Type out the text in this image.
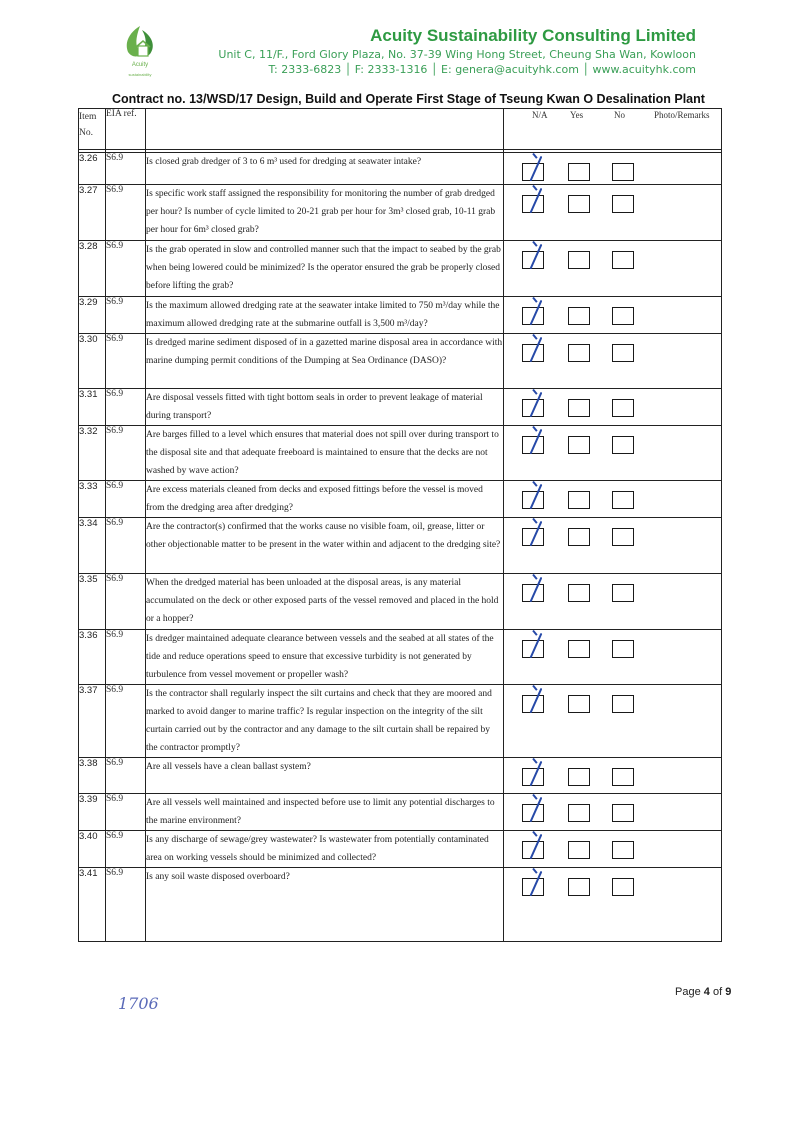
Acuity
sustainability
Acuity Sustainability Consulting Limited
Unit C, 11/F., Ford Glory Plaza, No. 37-39 Wing Hong Street, Cheung Sha Wan, Kowloon
T: 2333-6823 │ F: 2333-1316 │ E: genera@acuityhk.com │ www.acuityhk.com
Contract no. 13/WSD/17 Design, Build and Operate First Stage of Tseung Kwan O Desalination Plant
Item No.	EIA ref.		N/A Yes No Photo/Remarks

3.26	S6.9	Is closed grab dredger of 3 to 6 m³ used for dredging at seawater intake?	

3.27	S6.9	Is specific work staff assigned the responsibility for monitoring the number of grab dredged per hour? Is number of cycle limited to 20-21 grab per hour for 3m³ closed grab, 10-11 grab per hour for 6m³ closed grab?	

3.28	S6.9	Is the grab operated in slow and controlled manner such that the impact to seabed by the grab when being lowered could be minimized? Is the operator ensured the grab be properly closed before lifting the grab?	

3.29	S6.9	Is the maximum allowed dredging rate at the seawater intake limited to 750 m³/day while the maximum allowed dredging rate at the submarine outfall is 3,500 m³/day?	

3.30	S6.9	Is dredged marine sediment disposed of in a gazetted marine disposal area in accordance with marine dumping permit conditions of the Dumping at Sea Ordinance (DASO)?	

3.31	S6.9	Are disposal vessels fitted with tight bottom seals in order to prevent leakage of material during transport?	

3.32	S6.9	Are barges filled to a level which ensures that material does not spill over during transport to the disposal site and that adequate freeboard is maintained to ensure that the decks are not washed by wave action?	

3.33	S6.9	Are excess materials cleaned from decks and exposed fittings before the vessel is moved from the dredging area after dredging?	

3.34	S6.9	Are the contractor(s) confirmed that the works cause no visible foam, oil, grease, litter or other objectionable matter to be present in the water within and adjacent to the dredging site?	

3.35	S6.9	When the dredged material has been unloaded at the disposal areas, is any material accumulated on the deck or other exposed parts of the vessel removed and placed in the hold or a hopper?	

3.36	S6.9	Is dredger maintained adequate clearance between vessels and the seabed at all states of the tide and reduce operations speed to ensure that excessive turbidity is not generated by turbulence from vessel movement or propeller wash?	

3.37	S6.9	Is the contractor shall regularly inspect the silt curtains and check that they are moored and marked to avoid danger to marine traffic? Is regular inspection on the integrity of the silt curtain carried out by the contractor and any damage to the silt curtain shall be repaired by the contractor promptly?	

3.38	S6.9	Are all vessels have a clean ballast system?	

3.39	S6.9	Are all vessels well maintained and inspected before use to limit any potential discharges to the marine environment?	

3.40	S6.9	Is any discharge of sewage/grey wastewater? Is wastewater from potentially contaminated area on working vessels should be minimized and collected?	

3.41	S6.9	Is any soil waste disposed overboard?	
1706
Page 4 of 9
